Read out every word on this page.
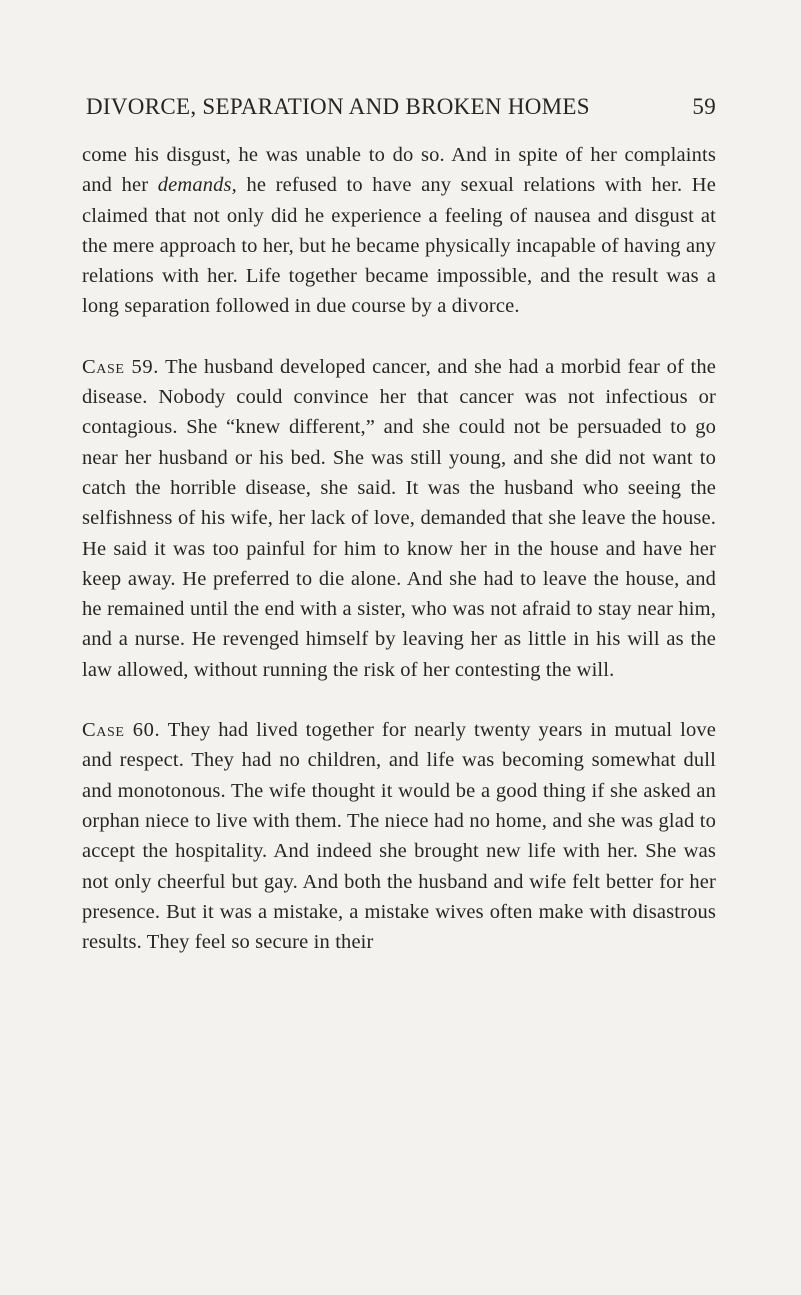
DIVORCE, SEPARATION AND BROKEN HOMES	59

come his disgust, he was unable to do so. And in spite of her complaints and her demands, he refused to have any sexual relations with her. He claimed that not only did he experience a feeling of nausea and disgust at the mere approach to her, but he became physically incapable of having any relations with her. Life together became impossible, and the result was a long separation followed in due course by a divorce.

Case 59. The husband developed cancer, and she had a morbid fear of the disease. Nobody could convince her that cancer was not infectious or contagious. She “knew different,” and she could not be persuaded to go near her husband or his bed. She was still young, and she did not want to catch the horrible disease, she said. It was the husband who seeing the selfishness of his wife, her lack of love, demanded that she leave the house. He said it was too painful for him to know her in the house and have her keep away. He preferred to die alone. And she had to leave the house, and he remained until the end with a sister, who was not afraid to stay near him, and a nurse. He revenged himself by leaving her as little in his will as the law allowed, without running the risk of her contesting the will.

Case 60. They had lived together for nearly twenty years in mutual love and respect. They had no children, and life was becoming somewhat dull and monotonous. The wife thought it would be a good thing if she asked an orphan niece to live with them. The niece had no home, and she was glad to accept the hospitality. And indeed she brought new life with her. She was not only cheerful but gay. And both the husband and wife felt better for her presence. But it was a mistake, a mistake wives often make with disastrous results. They feel so secure in their
